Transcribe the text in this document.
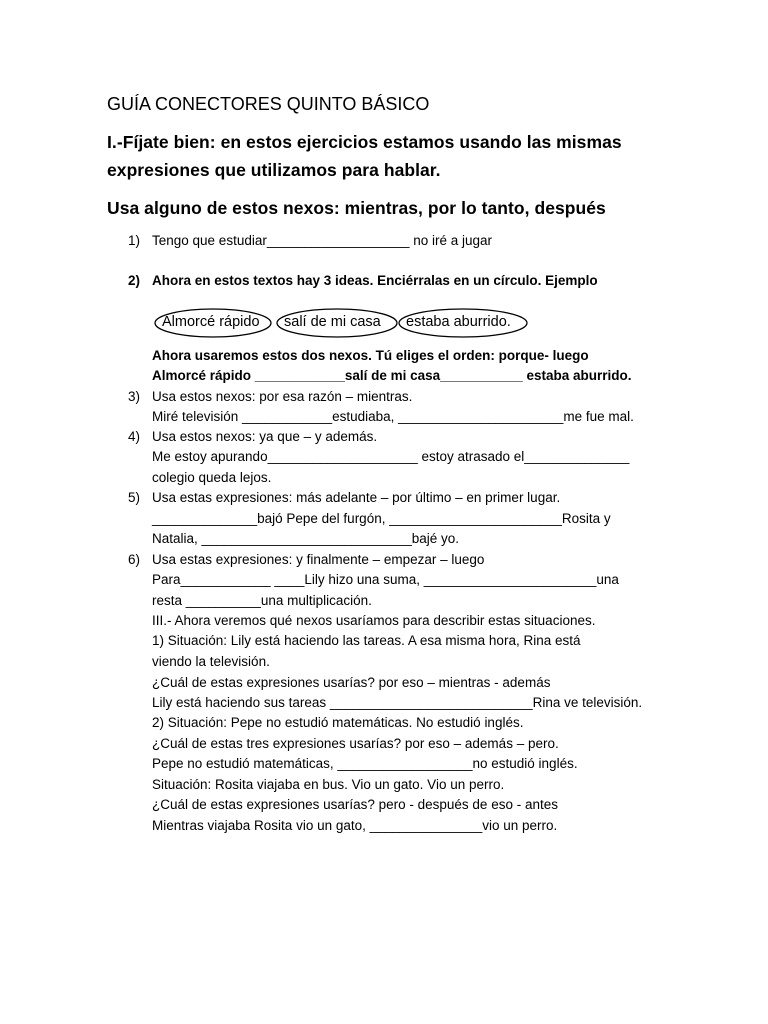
GUÍA CONECTORES QUINTO BÁSICO
I.-Fíjate bien: en estos ejercicios estamos usando las mismas
expresiones que utilizamos para hablar.
Usa alguno de estos nexos: mientras, por lo tanto, después
1) Tengo que estudiar___________________ no iré a jugar
2) Ahora en estos textos hay 3 ideas. Enciérralas en un círculo. Ejemplo
Almorcé rápido salí de mi casa estaba aburrido.
Ahora usaremos estos dos nexos. Tú eliges el orden: porque- luego
Almorcé rápido ____________salí de mi casa___________ estaba aburrido.
3) Usa estos nexos: por esa razón – mientras.
Miré televisión ____________estudiaba, ______________________me fue mal.
4) Usa estos nexos: ya que – y además.
Me estoy apurando____________________ estoy atrasado el______________
colegio queda lejos.
5) Usa estas expresiones: más adelante – por último – en primer lugar.
______________bajó Pepe del furgón, _______________________Rosita y
Natalia, ____________________________bajé yo.
6) Usa estas expresiones: y finalmente – empezar – luego
Para____________ ____Lily hizo una suma, _______________________una
resta __________una multiplicación.
III.- Ahora veremos qué nexos usaríamos para describir estas situaciones.
1) Situación: Lily está haciendo las tareas. A esa misma hora, Rina está
viendo la televisión.
¿Cuál de estas expresiones usarías? por eso – mientras - además
Lily está haciendo sus tareas ___________________________Rina ve televisión.
2) Situación: Pepe no estudió matemáticas. No estudió inglés.
¿Cuál de estas tres expresiones usarías? por eso – además – pero.
Pepe no estudió matemáticas, __________________no estudió inglés.
Situación: Rosita viajaba en bus. Vio un gato. Vio un perro.
¿Cuál de estas expresiones usarías? pero - después de eso - antes
Mientras viajaba Rosita vio un gato, _______________vio un perro.
